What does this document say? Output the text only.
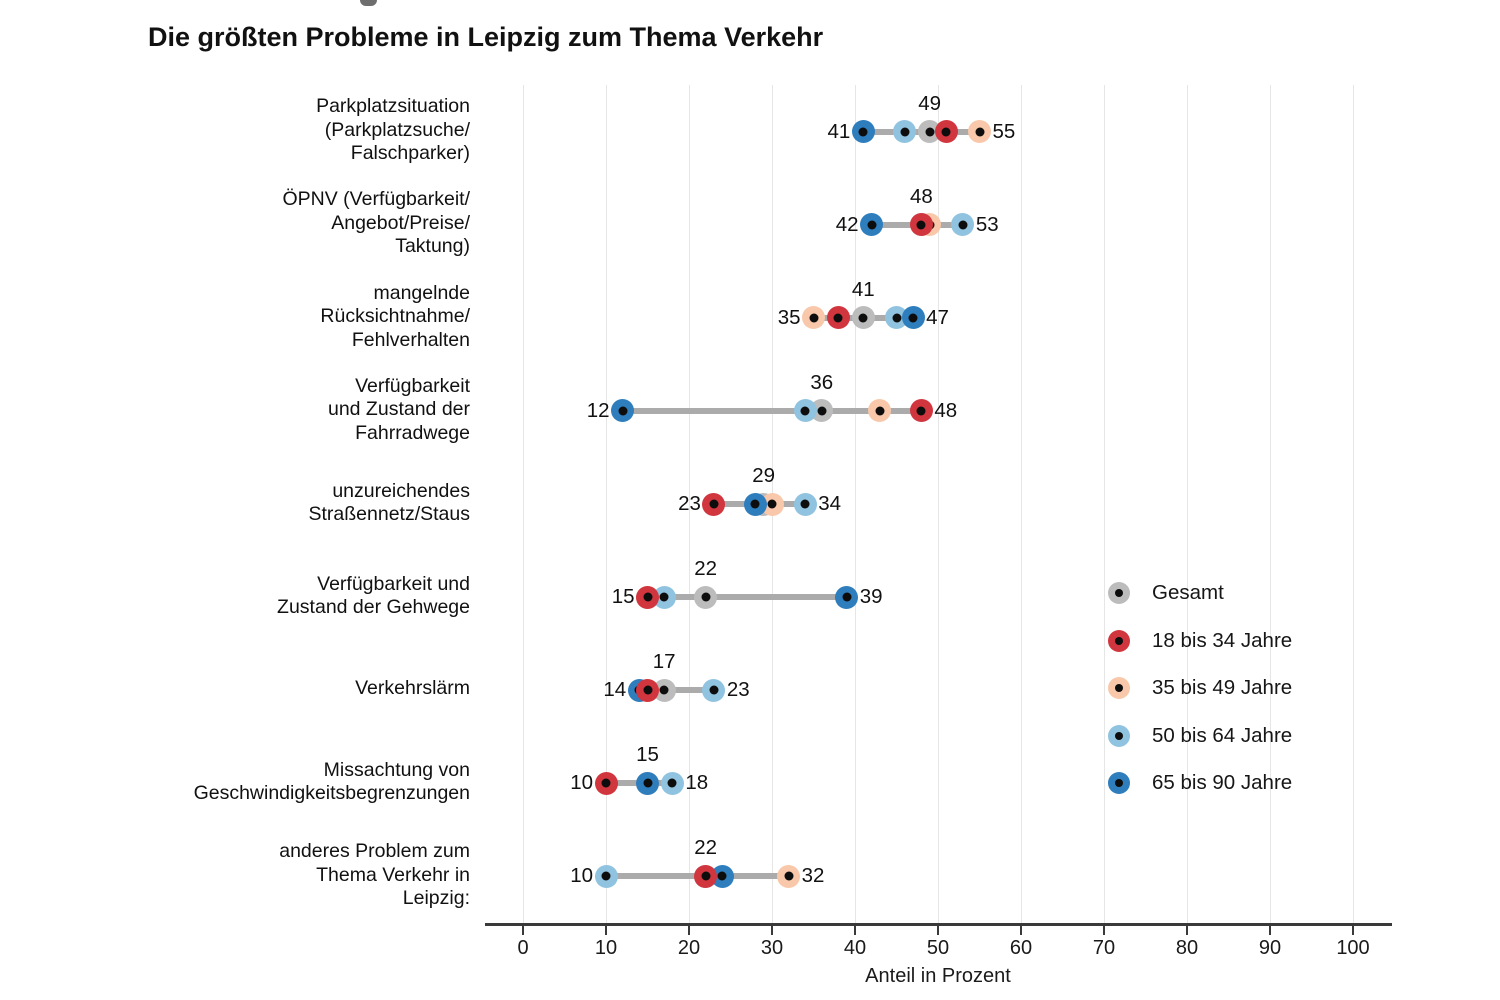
Die größten Probleme in Leipzig zum Thema Verkehr
0	10	20	30	40	50	60	70	80	90	100
Parkplatzsituation
(Parkplatzsuche/
Falschparker)
41	55
49
ÖPNV (Verfügbarkeit/
Angebot/Preise/
Taktung)
42	53
48
mangelnde
Rücksichtnahme/
Fehlverhalten
35	47
41
Verfügbarkeit
und Zustand der
Fahrradwege
12	48
36
unzureichendes
Straßennetz/Staus	23	34
29
Verfügbarkeit und
Zustand der Gehwege	15	39
22
Verkehrslärm	14	23
17
Missachtung von
Geschwindigkeitsbegrenzungen	10	18
15
anderes Problem zum
Thema Verkehr in
Leipzig:
10	32
22
Anteil in Prozent
Gesamt
18 bis 34 Jahre
35 bis 49 Jahre
50 bis 64 Jahre
65 bis 90 Jahre
